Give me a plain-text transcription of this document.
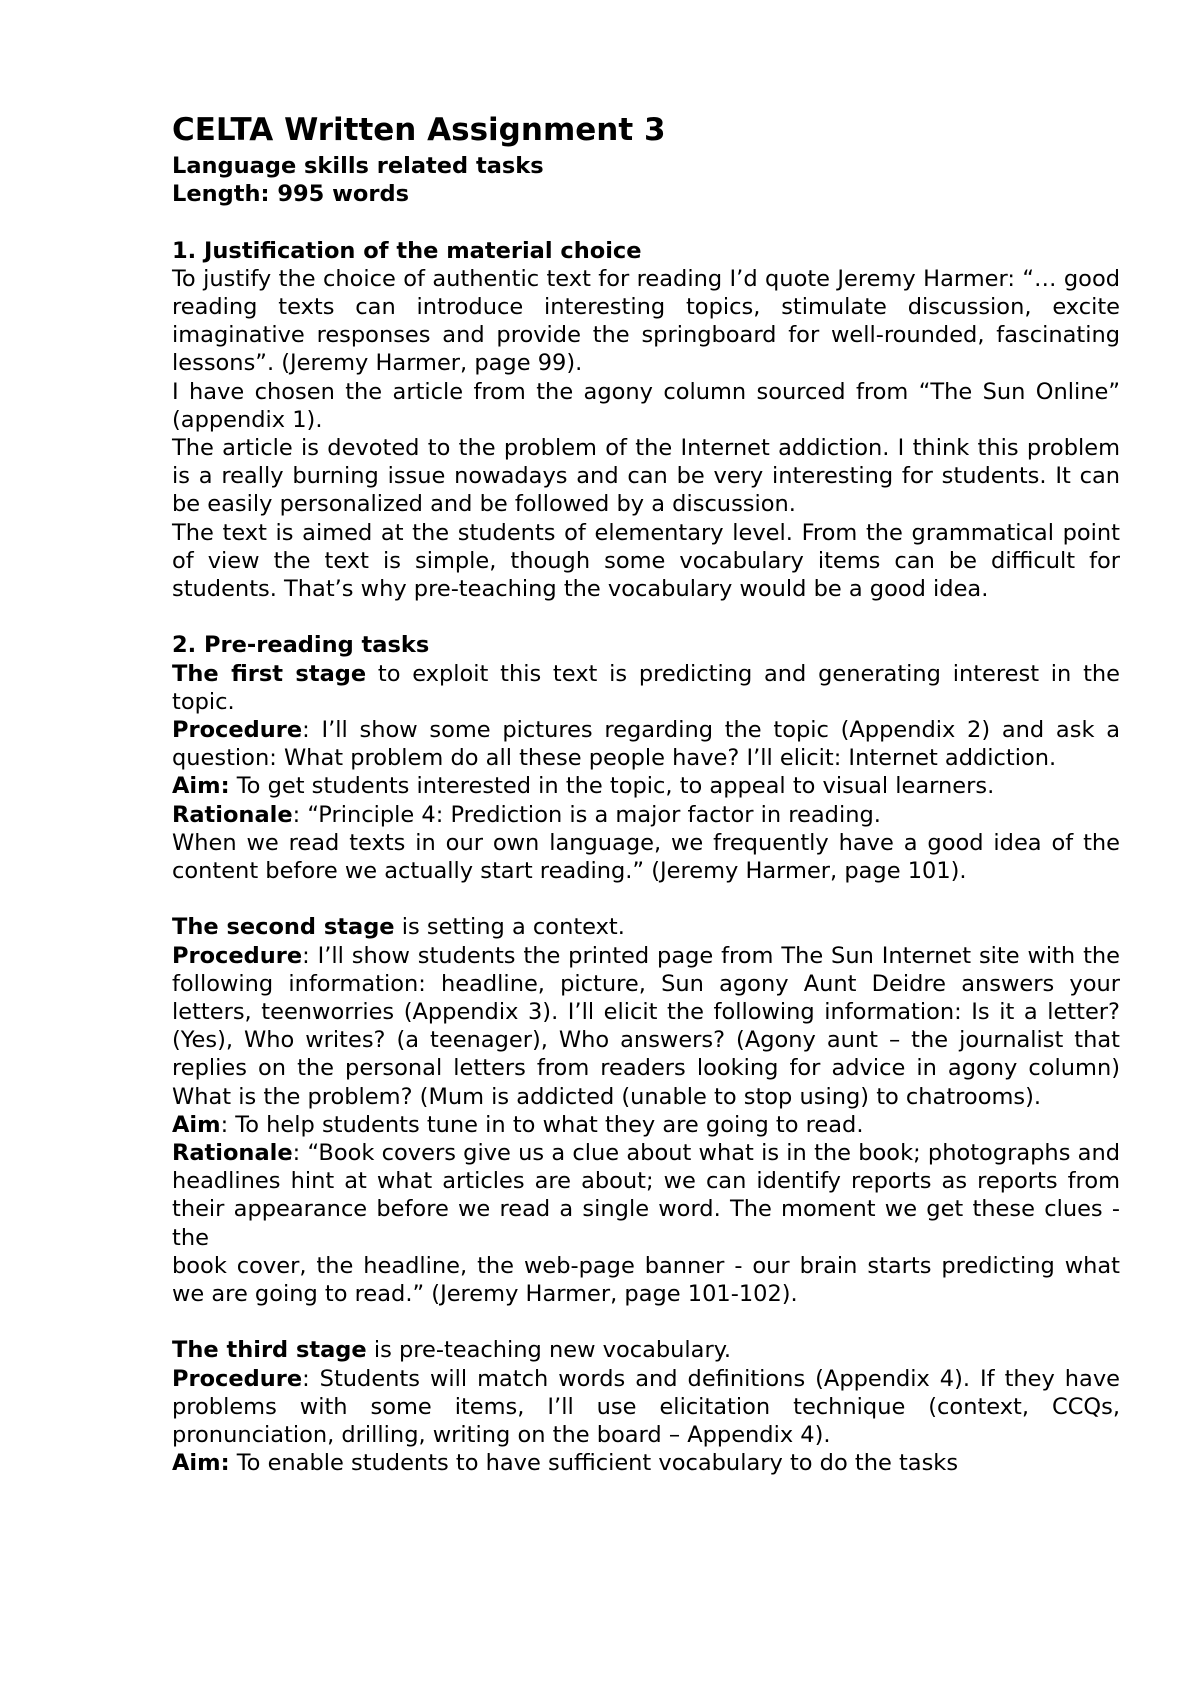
CELTA Written Assignment 3

Language skills related tasks

Length: 995 words

1. Justification of the material choice

To justify the choice of authentic text for reading I’d quote Jeremy Harmer: “… good reading texts can introduce interesting topics, stimulate discussion, excite imaginative responses and provide the springboard for well-rounded, fascinating lessons”. (Jeremy Harmer, page 99).

I have chosen the article from the agony column sourced from “The Sun Online” (appendix 1).

The article is devoted to the problem of the Internet addiction. I think this problem is a really burning issue nowadays and can be very interesting for students. It can be easily personalized and be followed by a discussion.

The text is aimed at the students of elementary level. From the grammatical point of view the text is simple, though some vocabulary items can be difficult for students. That’s why pre-teaching the vocabulary would be a good idea.

2. Pre-reading tasks

The first stage to exploit this text is predicting and generating interest in the topic.

Procedure: I’ll show some pictures regarding the topic (Appendix 2) and ask a question: What problem do all these people have? I’ll elicit: Internet addiction.

Aim: To get students interested in the topic, to appeal to visual learners.

Rationale: “Principle 4: Prediction is a major factor in reading.

When we read texts in our own language, we frequently have a good idea of the content before we actually start reading.” (Jeremy Harmer, page 101).

The second stage is setting a context.

Procedure: I’ll show students the printed page from The Sun Internet site with the following information: headline, picture, Sun agony Aunt Deidre answers your letters, teenworries (Appendix 3). I’ll elicit the following information: Is it a letter? (Yes), Who writes? (a teenager), Who answers? (Agony aunt – the journalist that replies on the personal letters from readers looking for advice in agony column) What is the problem? (Mum is addicted (unable to stop using) to chatrooms).

Aim: To help students tune in to what they are going to read.

Rationale: “Book covers give us a clue about what is in the book; photographs and headlines hint at what articles are about; we can identify reports as reports from their appearance before we read a single word. The moment we get these clues - the

book cover, the headline, the web-page banner - our brain starts predicting what we are going to read.” (Jeremy Harmer, page 101-102).

The third stage is pre-teaching new vocabulary.

Procedure: Students will match words and definitions (Appendix 4). If they have problems with some items, I’ll use elicitation technique (context, CCQs, pronunciation, drilling, writing on the board – Appendix 4).

Aim: To enable students to have sufficient vocabulary to do the tasks
